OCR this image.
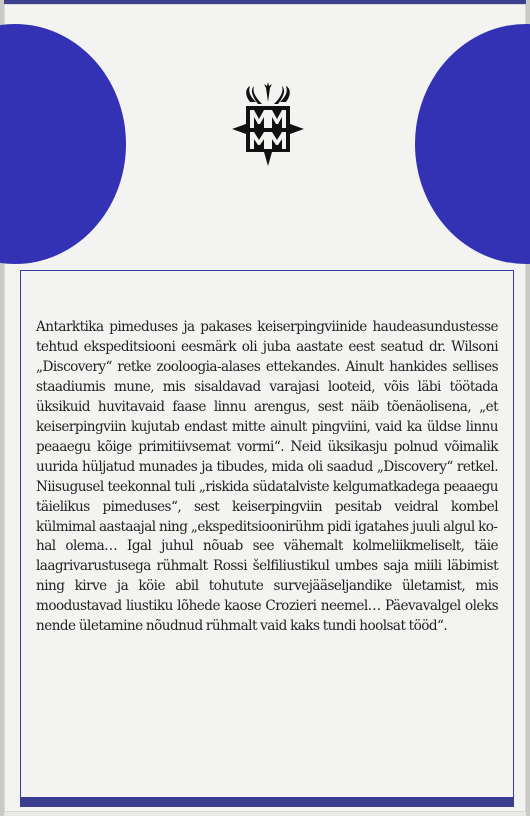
Antarktika pimeduses ja pakases keiserpingviinide haudeasundustesse tehtud ekspeditsiooni eesmärk oli juba aastate eest seatud dr. Wilsoni „Discovery“ retke zooloogia-alases ettekandes. Ainult hankides sellises staadiumis mune, mis sisaldavad varajasi looteid, võis läbi töötada üksikuid huvitavaid faase linnu arengus, sest näib tõenäolisena, „et keiserpingviin kujutab endast mitte ainult pingviini, vaid ka üldse linnu peaaegu kõige primitiivsemat vormi“. Neid üksikasju polnud võimalik uurida hüljatud munades ja tibudes, mida oli saadud „Discovery“ retkel. Niisugusel teekonnal tuli „riskida südatalviste kelgumatkadega peaaegu täielikus pimeduses“, sest keiserpingviin pesitab veidral kombel külmimal aastaajal ning „ekspeditsioonirühm pidi igatahes juuli algul kohal olema… Igal juhul nõuab see vähemalt kolmeliikmeliselt, täie laagrivarustusega rühmalt Rossi šelfiliustikul umbes saja miili läbimist ning kirve ja köie abil tohutute survejääseljandike ületamist, mis moodustavad liustiku lõhede kaose Crozieri neemel… Päevavalgel oleks nende ületamine nõudnud rühmalt vaid kaks tundi hoolsat tööd“.
